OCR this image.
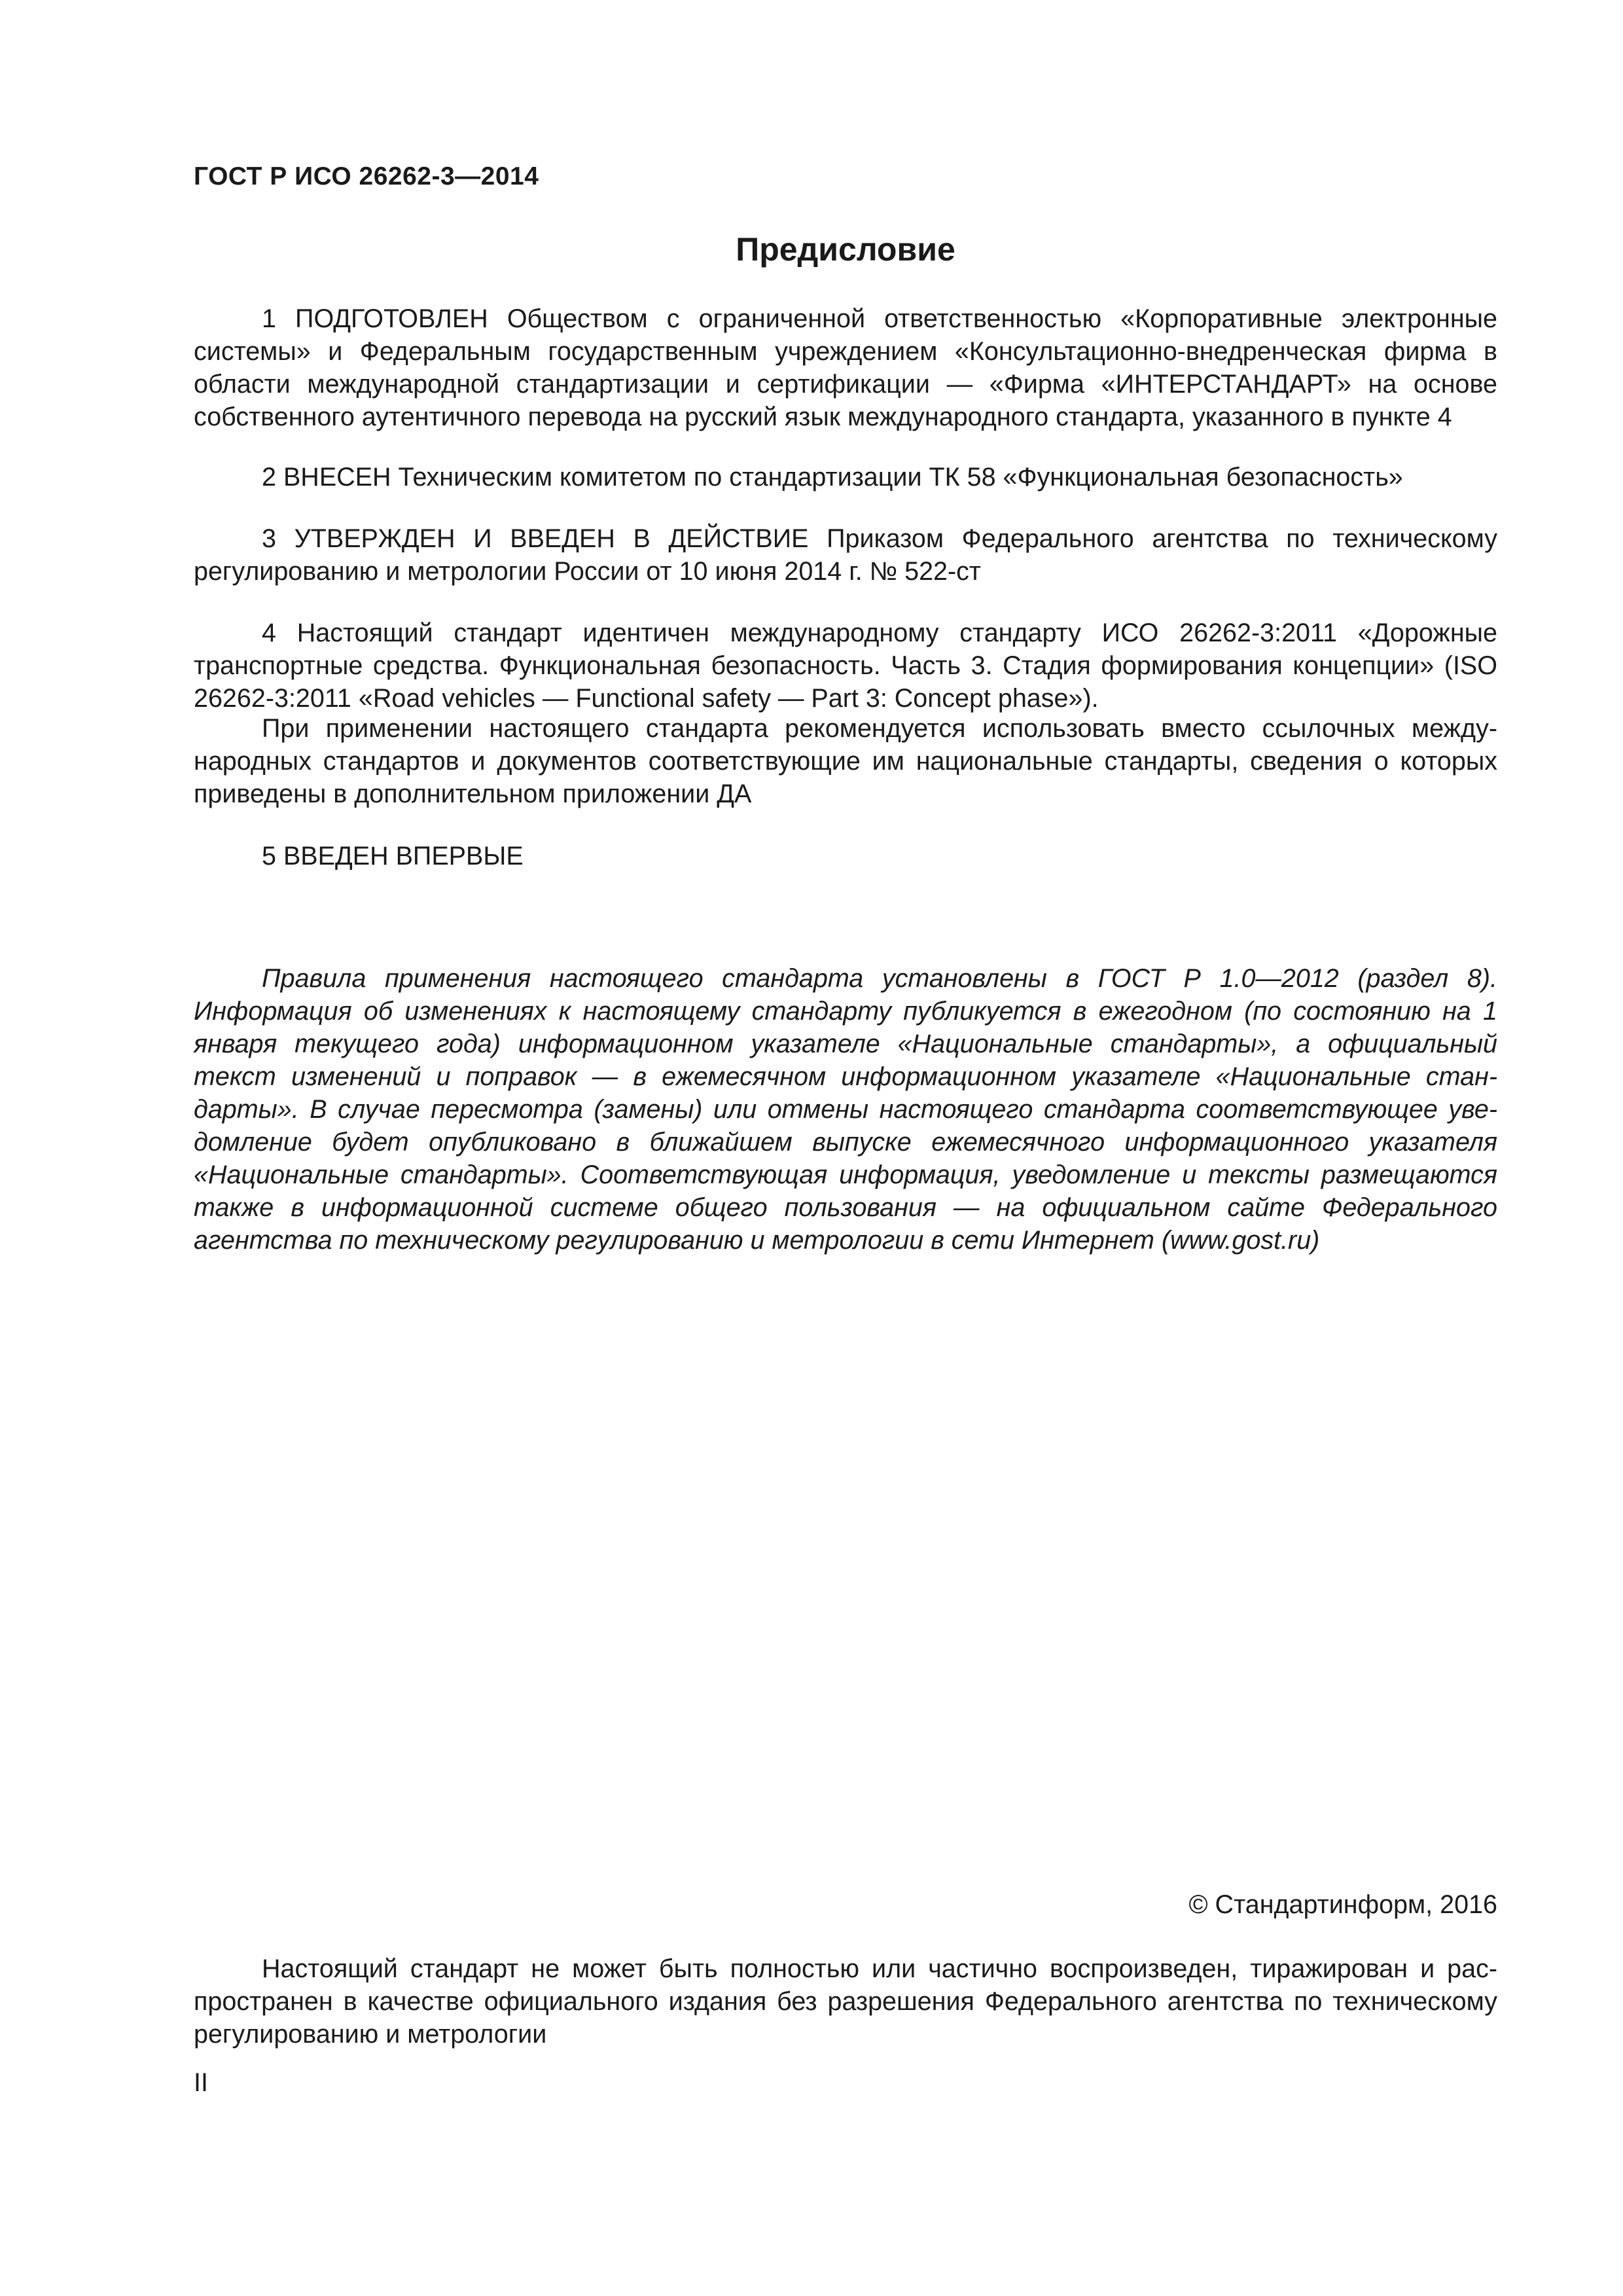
ГОСТ Р ИСО 26262-3—2014
Предисловие

1 ПОДГОТОВЛЕН Обществом с ограниченной ответственностью «Корпоративные электронные системы» и Федеральным государственным учреждением «Консультационно-внедренческая фирма в области международной стандартизации и сертификации — «Фирма «ИНТЕРСТАНДАРТ» на основе собственного аутентичного перевода на русский язык международного стандарта, указанного в пункте 4

2 ВНЕСЕН Техническим комитетом по стандартизации ТК 58 «Функциональная безопасность»

3 УТВЕРЖДЕН И ВВЕДЕН В ДЕЙСТВИЕ Приказом Федерального агентства по техническому регулированию и метрологии России от 10 июня 2014 г. № 522-ст

4 Настоящий стандарт идентичен международному стандарту ИСО 26262-3:2011 «Дорожные транспортные средства. Функциональная безопасность. Часть 3. Стадия формирования концепции» (ISO 26262-3:2011 «Road vehicles — Functional safety — Part 3: Concept phase»).

При применении настоящего стандарта рекомендуется использовать вместо ссылочных международных стандартов и документов соответствующие им национальные стандарты, сведения о которых приведены в дополнительном приложении ДА

5 ВВЕДЕН ВПЕРВЫЕ

Правила применения настоящего стандарта установлены в ГОСТ Р 1.0—2012 (раздел 8). Информация об изменениях к настоящему стандарту публикуется в ежегодном (по состоянию на 1 января текущего года) информационном указателе «Национальные стандарты», а официальный текст изменений и поправок — в ежемесячном информационном указателе «Национальные стандарты». В случае пересмотра (замены) или отмены настоящего стандарта соответствующее уведомление будет опубликовано в ближайшем выпуске ежемесячного информационного указателя «Национальные стандарты». Соответствующая информация, уведомление и тексты размещаются также в информационной системе общего пользования — на официальном сайте Федерального агентства по техническому регулированию и метрологии в сети Интернет (www.gost.ru)

© Стандартинформ, 2016

Настоящий стандарт не может быть полностью или частично воспроизведен, тиражирован и распространен в качестве официального издания без разрешения Федерального агентства по техническому регулированию и метрологии

II
